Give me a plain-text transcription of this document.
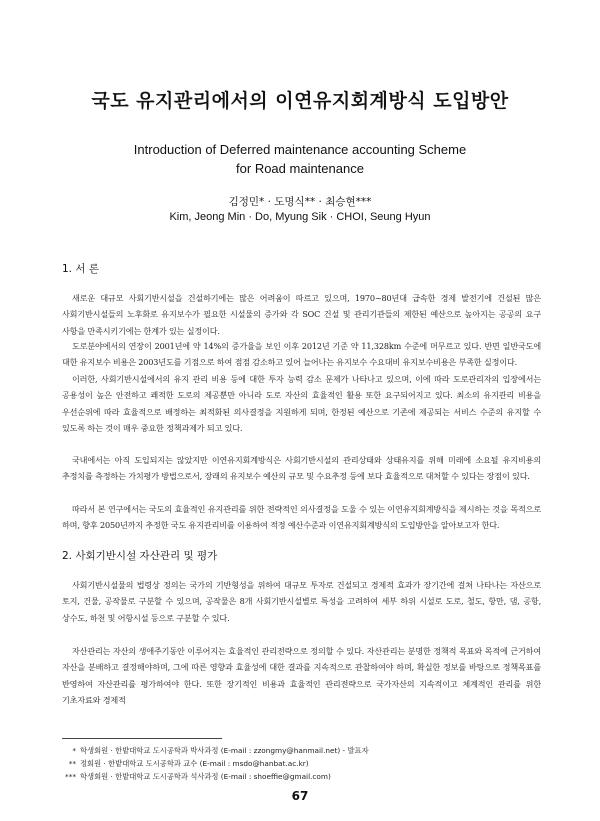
국도 유지관리에서의 이연유지회계방식 도입방안
Introduction of Deferred maintenance accounting Scheme
for Road maintenance
김정민* · 도명식** · 최승현***
Kim, Jeong Min · Do, Myung Sik · CHOI, Seung Hyun
1. 서 론

새로운 대규모 사회기반시설을 건설하기에는 많은 어려움이 따르고 있으며, 1970~80년대 급속한 경제 발전기에 건설된 많은 사회기반시설들의 노후화로 유지보수가 필요한 시설물의 증가와 각 SOC 건설 및 관리기관들의 제한된 예산으로 높아지는 공공의 요구 사항을 만족시키기에는 한계가 있는 실정이다.

도로분야에서의 연장이 2001년에 약 14%의 증가율을 보인 이후 2012년 기준 약 11,328km 수준에 머무르고 있다. 반면 일반국도에 대한 유지보수 비용은 2003년도를 기점으로 하여 점점 감소하고 있어 늘어나는 유지보수 수요대비 유지보수비용은 부족한 실정이다.

이러한, 사회기반시설에서의 유지 관리 비용 등에 대한 투자 능력 감소 문제가 나타나고 있으며, 이에 따라 도로관리자의 입장에서는 공용성이 높은 안전하고 쾌적한 도로의 제공뿐만 아니라 도로 자산의 효율적인 활용 또한 요구되어지고 있다. 최소의 유지관리 비용을 우선순위에 따라 효율적으로 배정하는 최적화된 의사결정을 지원하게 되며, 한정된 예산으로 기존에 제공되는 서비스 수준의 유지할 수 있도록 하는 것이 매우 중요한 정책과제가 되고 있다.

국내에서는 아직 도입되지는 않았지만 이연유지회계방식은 사회기반시설의 관리상태와 상태유지를 위해 미래에 소요될 유지비용의 추정치를 측정하는 가치평가 방법으로서, 장래의 유지보수 예산의 규모 및 수요추정 등에 보다 효율적으로 대처할 수 있다는 장점이 있다.

따라서 본 연구에서는 국도의 효율적인 유지관리를 위한 전략적인 의사결정을 도울 수 있는 이연유지회계방식을 제시하는 것을 목적으로 하며, 향후 2050년까지 추정한 국도 유지관리비를 이용하여 적정 예산수준과 이연유지회계방식의 도입방안을 알아보고자 한다.

2. 사회기반시설 자산관리 및 평가

사회기반시설물의 법령상 정의는 국가의 기반형성을 위하여 대규모 투자로 건설되고 경제적 효과가 장기간에 걸쳐 나타나는 자산으로 토지, 건물, 공작물로 구분할 수 있으며, 공작물은 8개 사회기반시설별로 특성을 고려하여 세부 하위 시설로 도로, 철도, 항만, 댐, 공항, 상수도, 하천 및 어항시설 등으로 구분할 수 있다.

자산관리는 자산의 생애주기동안 이루어지는 효율적인 관리전략으로 정의할 수 있다. 자산관리는 분명한 정책적 목표와 목적에 근거하여 자산을 분배하고 결정해야하며, 그에 따른 영향과 효율성에 대한 결과를 지속적으로 관찰하여야 하며, 확실한 정보를 바탕으로 정책목표를 반영하여 자산관리를 평가하여야 한다. 또한 장기적인 비용과 효율적인 관리전략으로 국가자산의 지속적이고 체계적인 관리를 위한 기초자료와 경제적

* 학생회원 · 한밭대학교 도시공학과 박사과정 (E-mail : zzongmy@hanmail.net) - 발표자
** 정회원 · 한밭대학교 도시공학과 교수 (E-mail : msdo@hanbat.ac.kr)
*** 학생회원 · 한밭대학교 도시공학과 석사과정 (E-mail : shoeffie@gmail.com)
67
